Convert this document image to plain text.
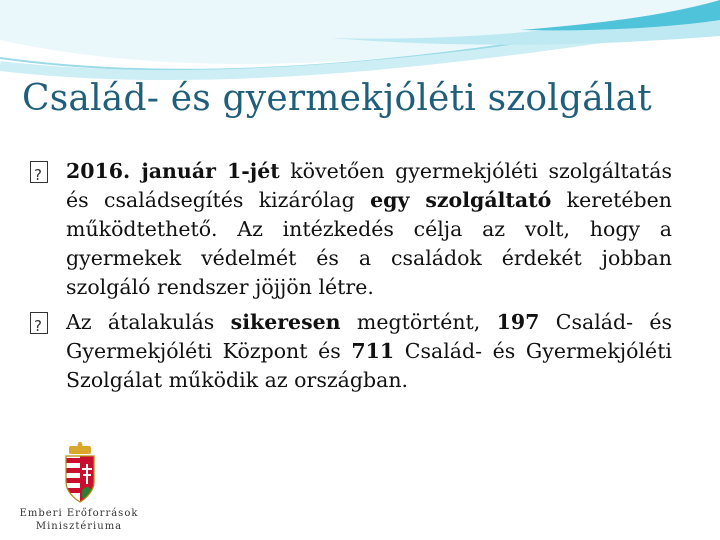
Család- és gyermekjóléti szolgálat
?
2016. január 1-jét követően gyermekjóléti szolgáltatás és családsegítés kizárólag egy szolgáltató keretében működtethető. Az intézkedés célja az volt, hogy a gyermekek védelmét és a családok érdekét jobban szolgáló rendszer jöjjön létre.
?
Az átalakulás sikeresen megtörtént, 197 Család- és Gyermekjóléti Központ és 711 Család- és Gyermekjóléti Szolgálat működik az országban.
Emberi Erőforrások
Minisztériuma
